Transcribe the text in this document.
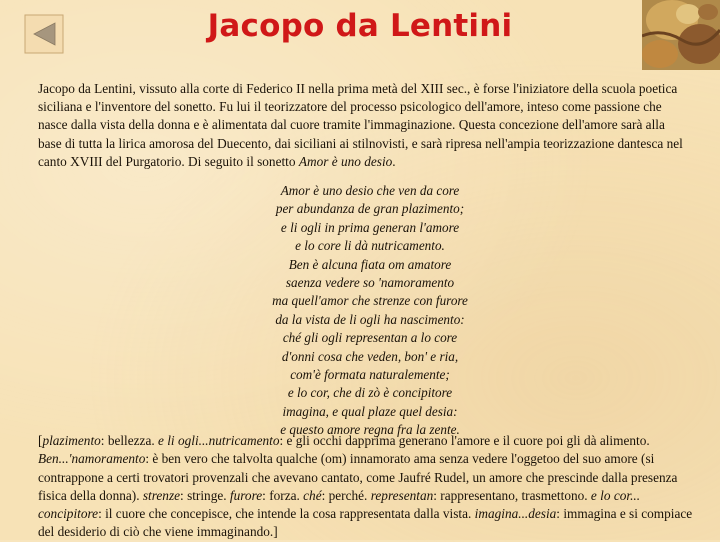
Jacopo da Lentini

Jacopo da Lentini, vissuto alla corte di Federico II nella prima metà del XIII sec., è forse l'iniziatore della scuola poetica siciliana e l'inventore del sonetto. Fu lui il teorizzatore del processo psicologico dell'amore, inteso come passione che nasce dalla vista della donna e è alimentata dal cuore tramite l'immaginazione. Questa concezione dell'amore sarà alla base di tutta la lirica amorosa del Duecento, dai siciliani ai stilnovisti, e sarà ripresa nell'ampia teorizzazione dantesca nel canto XVIII del Purgatorio. Di seguito il sonetto Amor è uno desio.

Amor è uno desio che ven da core
per abundanza de gran plazimento;
e li ogli in prima generan l'amore
e lo core li dà nutricamento.
Ben è alcuna fiata om amatore
saenza vedere so 'namoramento
ma quell'amor che strenze con furore
da la vista de li ogli ha nascimento:
ché gli ogli representan a lo core
d'onni cosa che veden, bon' e ria,
com'è formata naturalemente;
e lo cor, che di zò è concipitore
imagina, e qual plaze quel desia:
e questo amore regna fra la zente.

[plazimento: bellezza. e li ogli...nutricamento: e gli occhi dapprima generano l'amore e il cuore poi gli dà alimento. Ben...'namoramento: è ben vero che talvolta qualche (om) innamorato ama senza vedere l'oggetoo del suo amore (si contrappone a certi trovatori provenzali che avevano cantato, come Jaufré Rudel, un amore che prescinde dalla presenza fisica della donna). strenze: stringe. furore: forza. ché: perché. representan: rappresentano, trasmettono. e lo cor... concipitore: il cuore che concepisce, che intende la cosa rappresentata dalla vista. imagina...desia: immagina e si compiace del desiderio di ciò che viene immaginando.]
